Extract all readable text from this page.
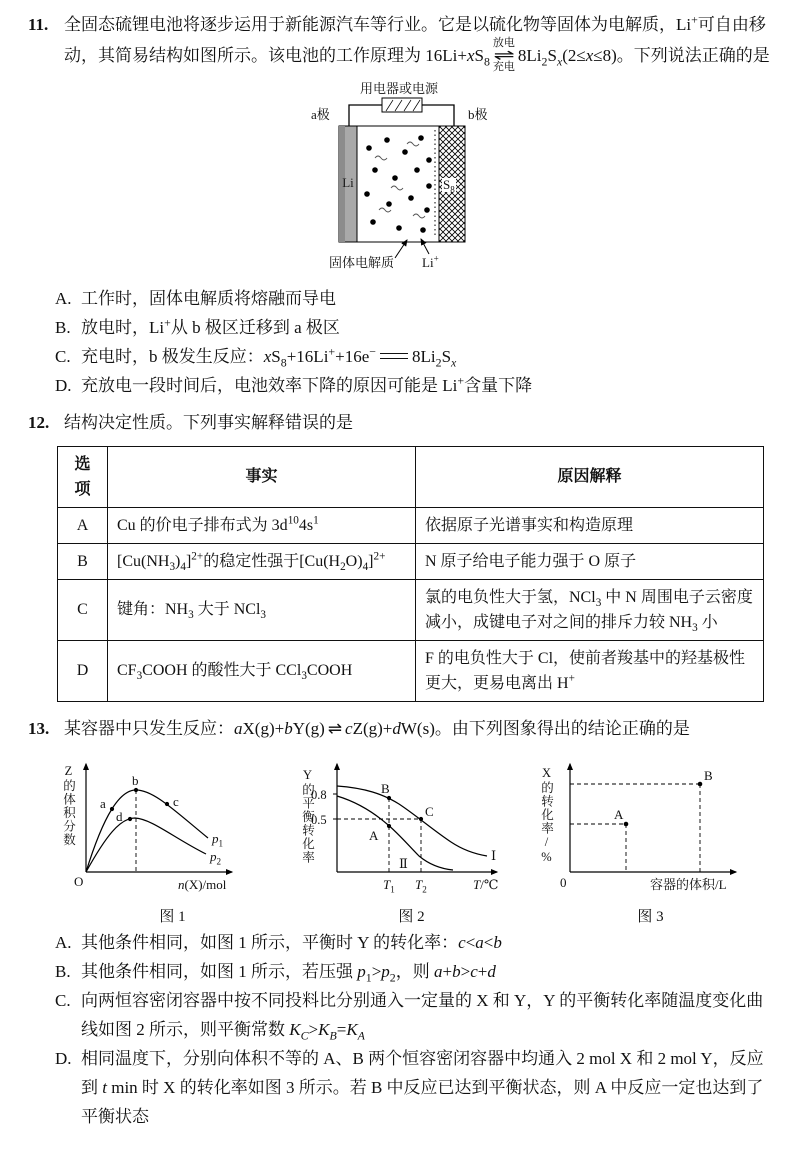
11. 全固态硫锂电池将逐步运用于新能源汽车等行业。它是以硫化物等固体为电解质，Li+可自由移动，其简易结构如图所示。该电池的工作原理为 $16Li+xS_8$
放电
⇌
充电
$8Li_2S_x(2\le x\le 8)$。下列说法正确的是
用电器或电源
a极	b极
Li	$S_8$
固体电解质 Li+
A. 工作时，固体电解质将熔融而导电
B. 放电时，Li+从 b 极区迁移到 a 极区
C. 充电时，b 极发生反应：$xS_8+16Li^++16e^-$ $8Li_2S_x$
D. 充放电一段时间后，电池效率下降的原因可能是 Li+含量下降
12. 结构决定性质。下列事实解释错误的是
选项	事实	原因解释
A	Cu 的价电子排布式为 $3d^{10}4s^1$	依据原子光谱事实和构造原理
B	$[Cu(NH_3)_4]^{2+}$的稳定性强于$[Cu(H_2O)_4]^{2+}$	N 原子给电子能力强于 O 原子
C	键角：$NH_3$ 大于 NCl$_3$	氯的电负性大于氢，NCl$_3$ 中 N 周围电子云密度减小，成键电子对之间的排斥力较 $NH_3$ 小
D	$CF_3COOH$ 的酸性大于 CCl$_3$COOH	F 的电负性大于 Cl，使前者羧基中的羟基极性更大，更易电离出 H+
13. 某容器中只发生反应：aX(g)+bY(g) ⇌ cZ(g)+dW(s)。由下列图象得出的结论正确的是
Z的体积分数
O	n(X)/mol
a
b
c
d
$p_1$
$p_2$
图 1
Y的平衡转化率
0.8
0.5
B
A
C
Ⅰ
Ⅱ
$T_1$ $T_2$	T/℃
图 2
X的转化率/%
0
A
B
容器的体积/L
图 3
A. 其他条件相同，如图 1 所示，平衡时 Y 的转化率：c<a<b
B. 其他条件相同，如图 1 所示，若压强 $p_1>p_2$，则 a+b>c+d
C. 向两恒容密闭容器中按不同投料比分别通入一定量的 X 和 Y，Y 的平衡转化率随温度变化曲线如图 2 所示，则平衡常数 $K_C>K_B=K_A$
D. 相同温度下，分别向体积不等的 A、B 两个恒容密闭容器中均通入 2 mol X 和 2 mol Y，反应到 t min 时 X 的转化率如图 3 所示。若 B 中反应已达到平衡状态，则 A 中反应一定也达到了平衡状态
